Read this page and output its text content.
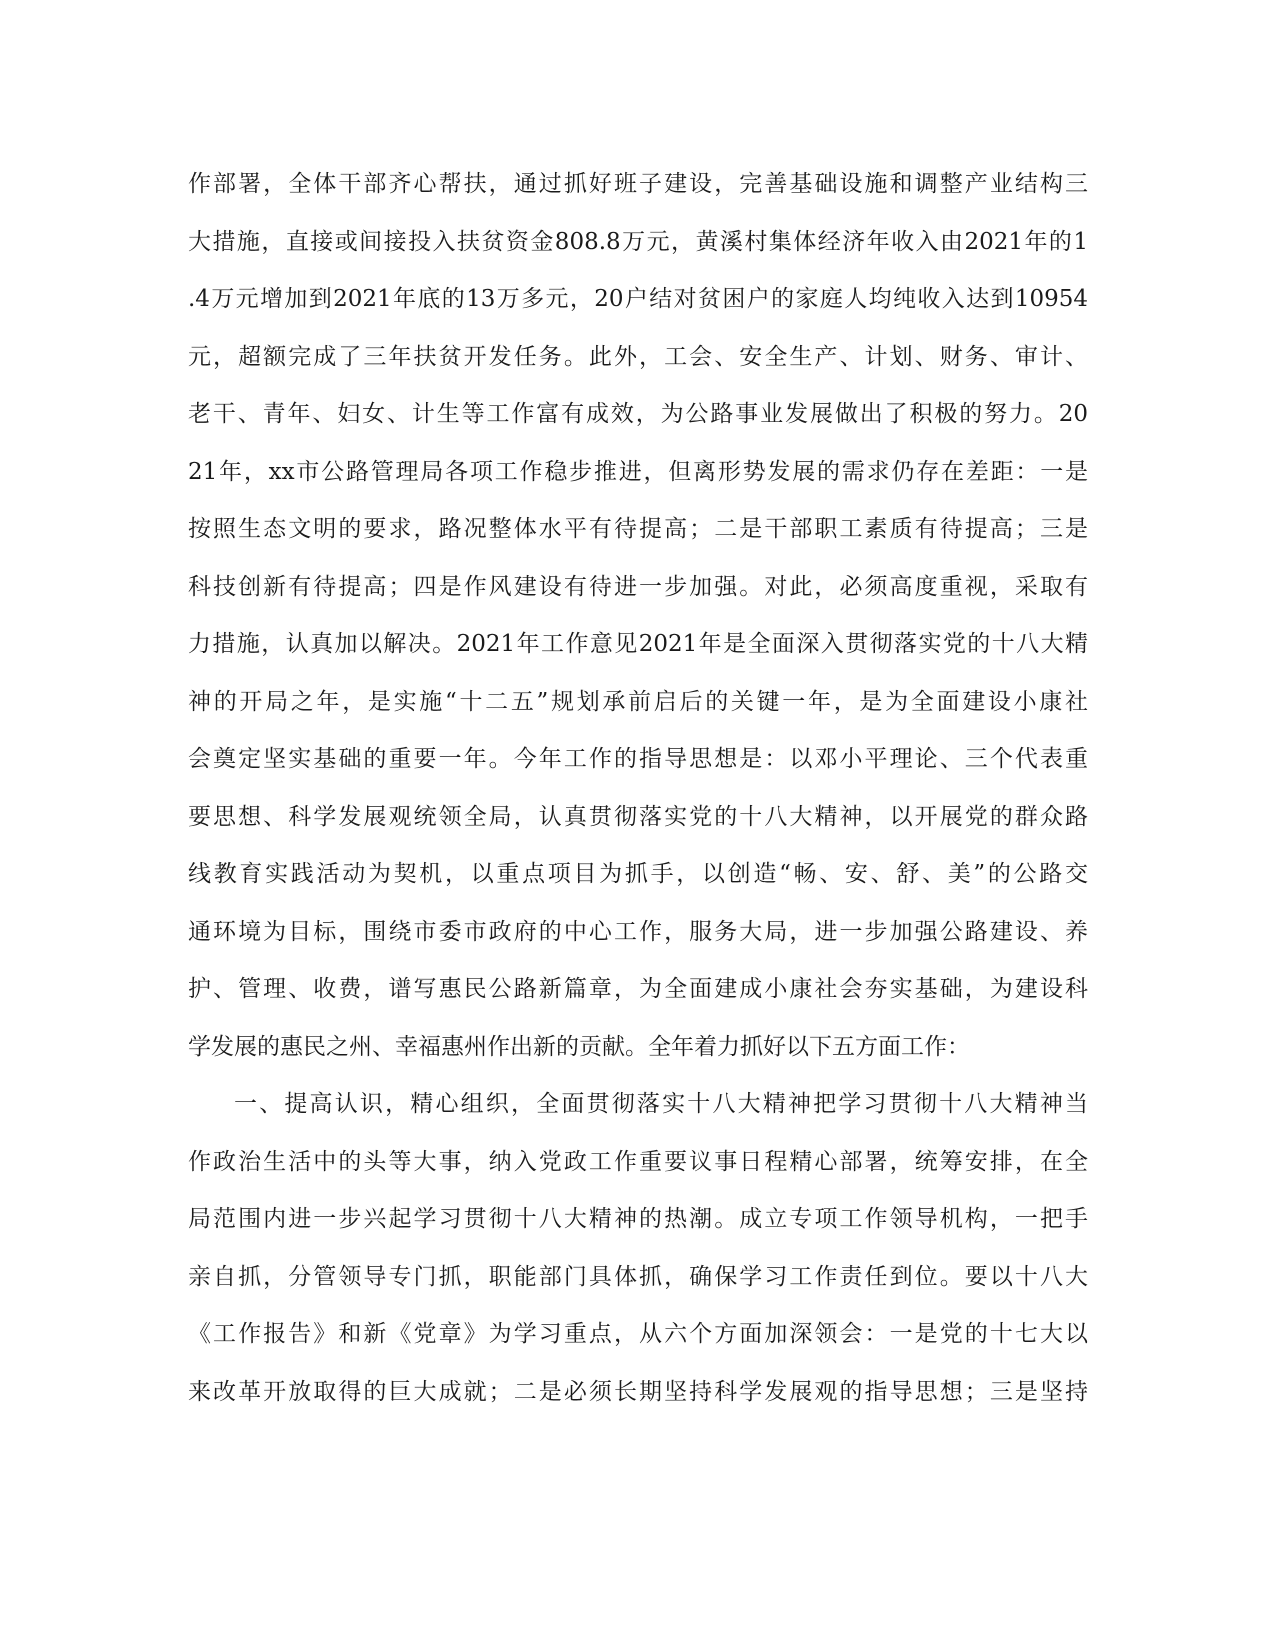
作部署，全体干部齐心帮扶，通过抓好班子建设，完善基础设施和调整产业结构三
大措施，直接或间接投入扶贫资金808.8万元，黄溪村集体经济年收入由2021年的1
.4万元增加到2021年底的13万多元，20户结对贫困户的家庭人均纯收入达到10954
元，超额完成了三年扶贫开发任务。此外，工会、安全生产、计划、财务、审计、
老干、青年、妇女、计生等工作富有成效，为公路事业发展做出了积极的努力。20
21年，xx市公路管理局各项工作稳步推进，但离形势发展的需求仍存在差距：一是
按照生态文明的要求，路况整体水平有待提高；二是干部职工素质有待提高；三是
科技创新有待提高；四是作风建设有待进一步加强。对此，必须高度重视，采取有
力措施，认真加以解决。2021年工作意见2021年是全面深入贯彻落实党的十八大精
神的开局之年，是实施“十二五”规划承前启后的关键一年，是为全面建设小康社
会奠定坚实基础的重要一年。今年工作的指导思想是：以邓小平理论、三个代表重
要思想、科学发展观统领全局，认真贯彻落实党的十八大精神，以开展党的群众路
线教育实践活动为契机，以重点项目为抓手，以创造“畅、安、舒、美”的公路交
通环境为目标，围绕市委市政府的中心工作，服务大局，进一步加强公路建设、养
护、管理、收费，谱写惠民公路新篇章，为全面建成小康社会夯实基础，为建设科
学发展的惠民之州、幸福惠州作出新的贡献。全年着力抓好以下五方面工作：
一、提高认识，精心组织，全面贯彻落实十八大精神把学习贯彻十八大精神当
作政治生活中的头等大事，纳入党政工作重要议事日程精心部署，统筹安排，在全
局范围内进一步兴起学习贯彻十八大精神的热潮。成立专项工作领导机构，一把手
亲自抓，分管领导专门抓，职能部门具体抓，确保学习工作责任到位。要以十八大
《工作报告》和新《党章》为学习重点，从六个方面加深领会：一是党的十七大以
来改革开放取得的巨大成就；二是必须长期坚持科学发展观的指导思想；三是坚持
